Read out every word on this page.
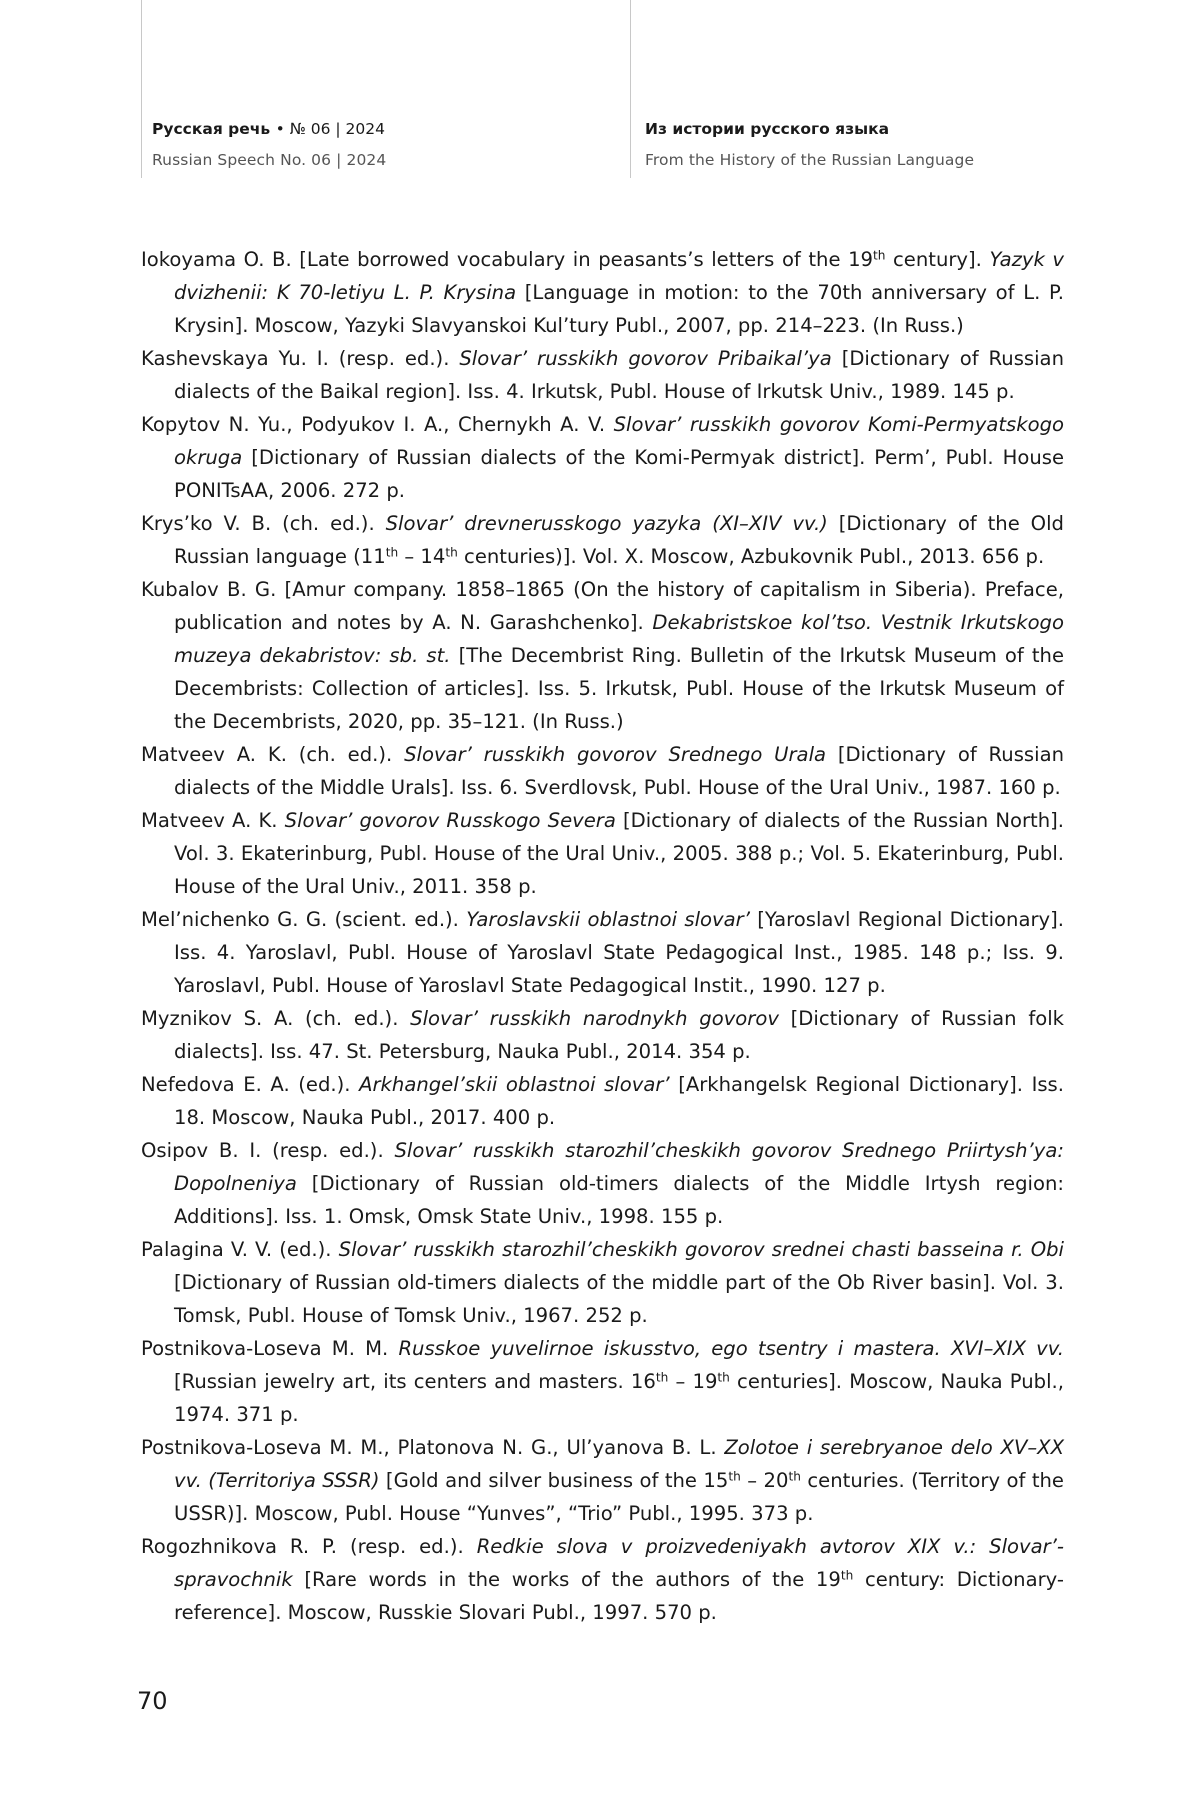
Русская речь • № 06 | 2024
Russian Speech No. 06 | 2024
Из истории русского языка
From the History of the Russian Language

Iokoyama O. B. [Late borrowed vocabulary in peasants’s letters of the 19th century]. Yazyk v dvizhenii: K 70-letiyu L. P. Krysina [Language in motion: to the 70th anniversary of L. P. Krysin]. Moscow, Yazyki Slavyanskoi Kul’tury Publ., 2007, pp. 214–223. (In Russ.)

Kashevskaya Yu. I. (resp. ed.). Slovar’ russkikh govorov Pribaikal’ya [Dictionary of Russian dialects of the Baikal region]. Iss. 4. Irkutsk, Publ. House of Irkutsk Univ., 1989. 145 p.

Kopytov N. Yu., Podyukov I. A., Chernykh A. V. Slovar’ russkikh govorov Komi-Permyatskogo okruga [Dictionary of Russian dialects of the Komi-Permyak district]. Perm’, Publ. House PONITsAA, 2006. 272 p.

Krys’ko V. B. (ch. ed.). Slovar’ drevnerusskogo yazyka (XI–XIV vv.) [Dictionary of the Old Russian language (11th – 14th centuries)]. Vol. X. Moscow, Azbukovnik Publ., 2013. 656 p.

Kubalov B. G. [Amur company. 1858–1865 (On the history of capitalism in Siberia). Preface, publication and notes by A. N. Garashchenko]. Dekabristskoe kol’tso. Vestnik Irkutskogo muzeya dekabristov: sb. st. [The Decembrist Ring. Bulletin of the Irkutsk Museum of the Decembrists: Collection of articles]. Iss. 5. Irkutsk, Publ. House of the Irkutsk Museum of the Decembrists, 2020, pp. 35–121. (In Russ.)

Matveev A. K. (ch. ed.). Slovar’ russkikh govorov Srednego Urala [Dictionary of Russian dialects of the Middle Urals]. Iss. 6. Sverdlovsk, Publ. House of the Ural Univ., 1987. 160 p.

Matveev A. K. Slovar’ govorov Russkogo Severa [Dictionary of dialects of the Russian North]. Vol. 3. Ekaterinburg, Publ. House of the Ural Univ., 2005. 388 p.; Vol. 5. Ekaterinburg, Publ. House of the Ural Univ., 2011. 358 p.

Mel’nichenko G. G. (scient. ed.). Yaroslavskii oblastnoi slovar’ [Yaroslavl Regional Dictionary]. Iss. 4. Yaroslavl, Publ. House of Yaroslavl State Pedagogical Inst., 1985. 148 p.; Iss. 9. Yaroslavl, Publ. House of Yaroslavl State Pedagogical Instit., 1990. 127 p.

Myznikov S. A. (ch. ed.). Slovar’ russkikh narodnykh govorov [Dictionary of Russian folk dialects]. Iss. 47. St. Petersburg, Nauka Publ., 2014. 354 p.

Nefedova E. A. (ed.). Arkhangel’skii oblastnoi slovar’ [Arkhangelsk Regional Dictionary]. Iss. 18. Moscow, Nauka Publ., 2017. 400 p.

Osipov B. I. (resp. ed.). Slovar’ russkikh starozhil’cheskikh govorov Srednego Priirtysh’ya: Dopolneniya [Dictionary of Russian old-timers dialects of the Middle Irtysh region: Additions]. Iss. 1. Omsk, Omsk State Univ., 1998. 155 p.

Palagina V. V. (ed.). Slovar’ russkikh starozhil’cheskikh govorov srednei chasti basseina r. Obi [Dictionary of Russian old-timers dialects of the middle part of the Ob River basin]. Vol. 3. Tomsk, Publ. House of Tomsk Univ., 1967. 252 p.

Postnikova-Loseva M. M. Russkoe yuvelirnoe iskusstvo, ego tsentry i mastera. XVI–XIX vv. [Russian jewelry art, its centers and masters. 16th – 19th centuries]. Moscow, Nauka Publ., 1974. 371 p.

Postnikova-Loseva M. M., Platonova N. G., Ul’yanova B. L. Zolotoe i serebryanoe delo XV–XX vv. (Territoriya SSSR) [Gold and silver business of the 15th – 20th centuries. (Territory of the USSR)]. Moscow, Publ. House “Yunves”, “Trio” Publ., 1995. 373 p.

Rogozhnikova R. P. (resp. ed.). Redkie slova v proizvedeniyakh avtorov XIX v.: Slovar’-spravochnik [Rare words in the works of the authors of the 19th century: Dictionary-reference]. Moscow, Russkie Slovari Publ., 1997. 570 p.

70
